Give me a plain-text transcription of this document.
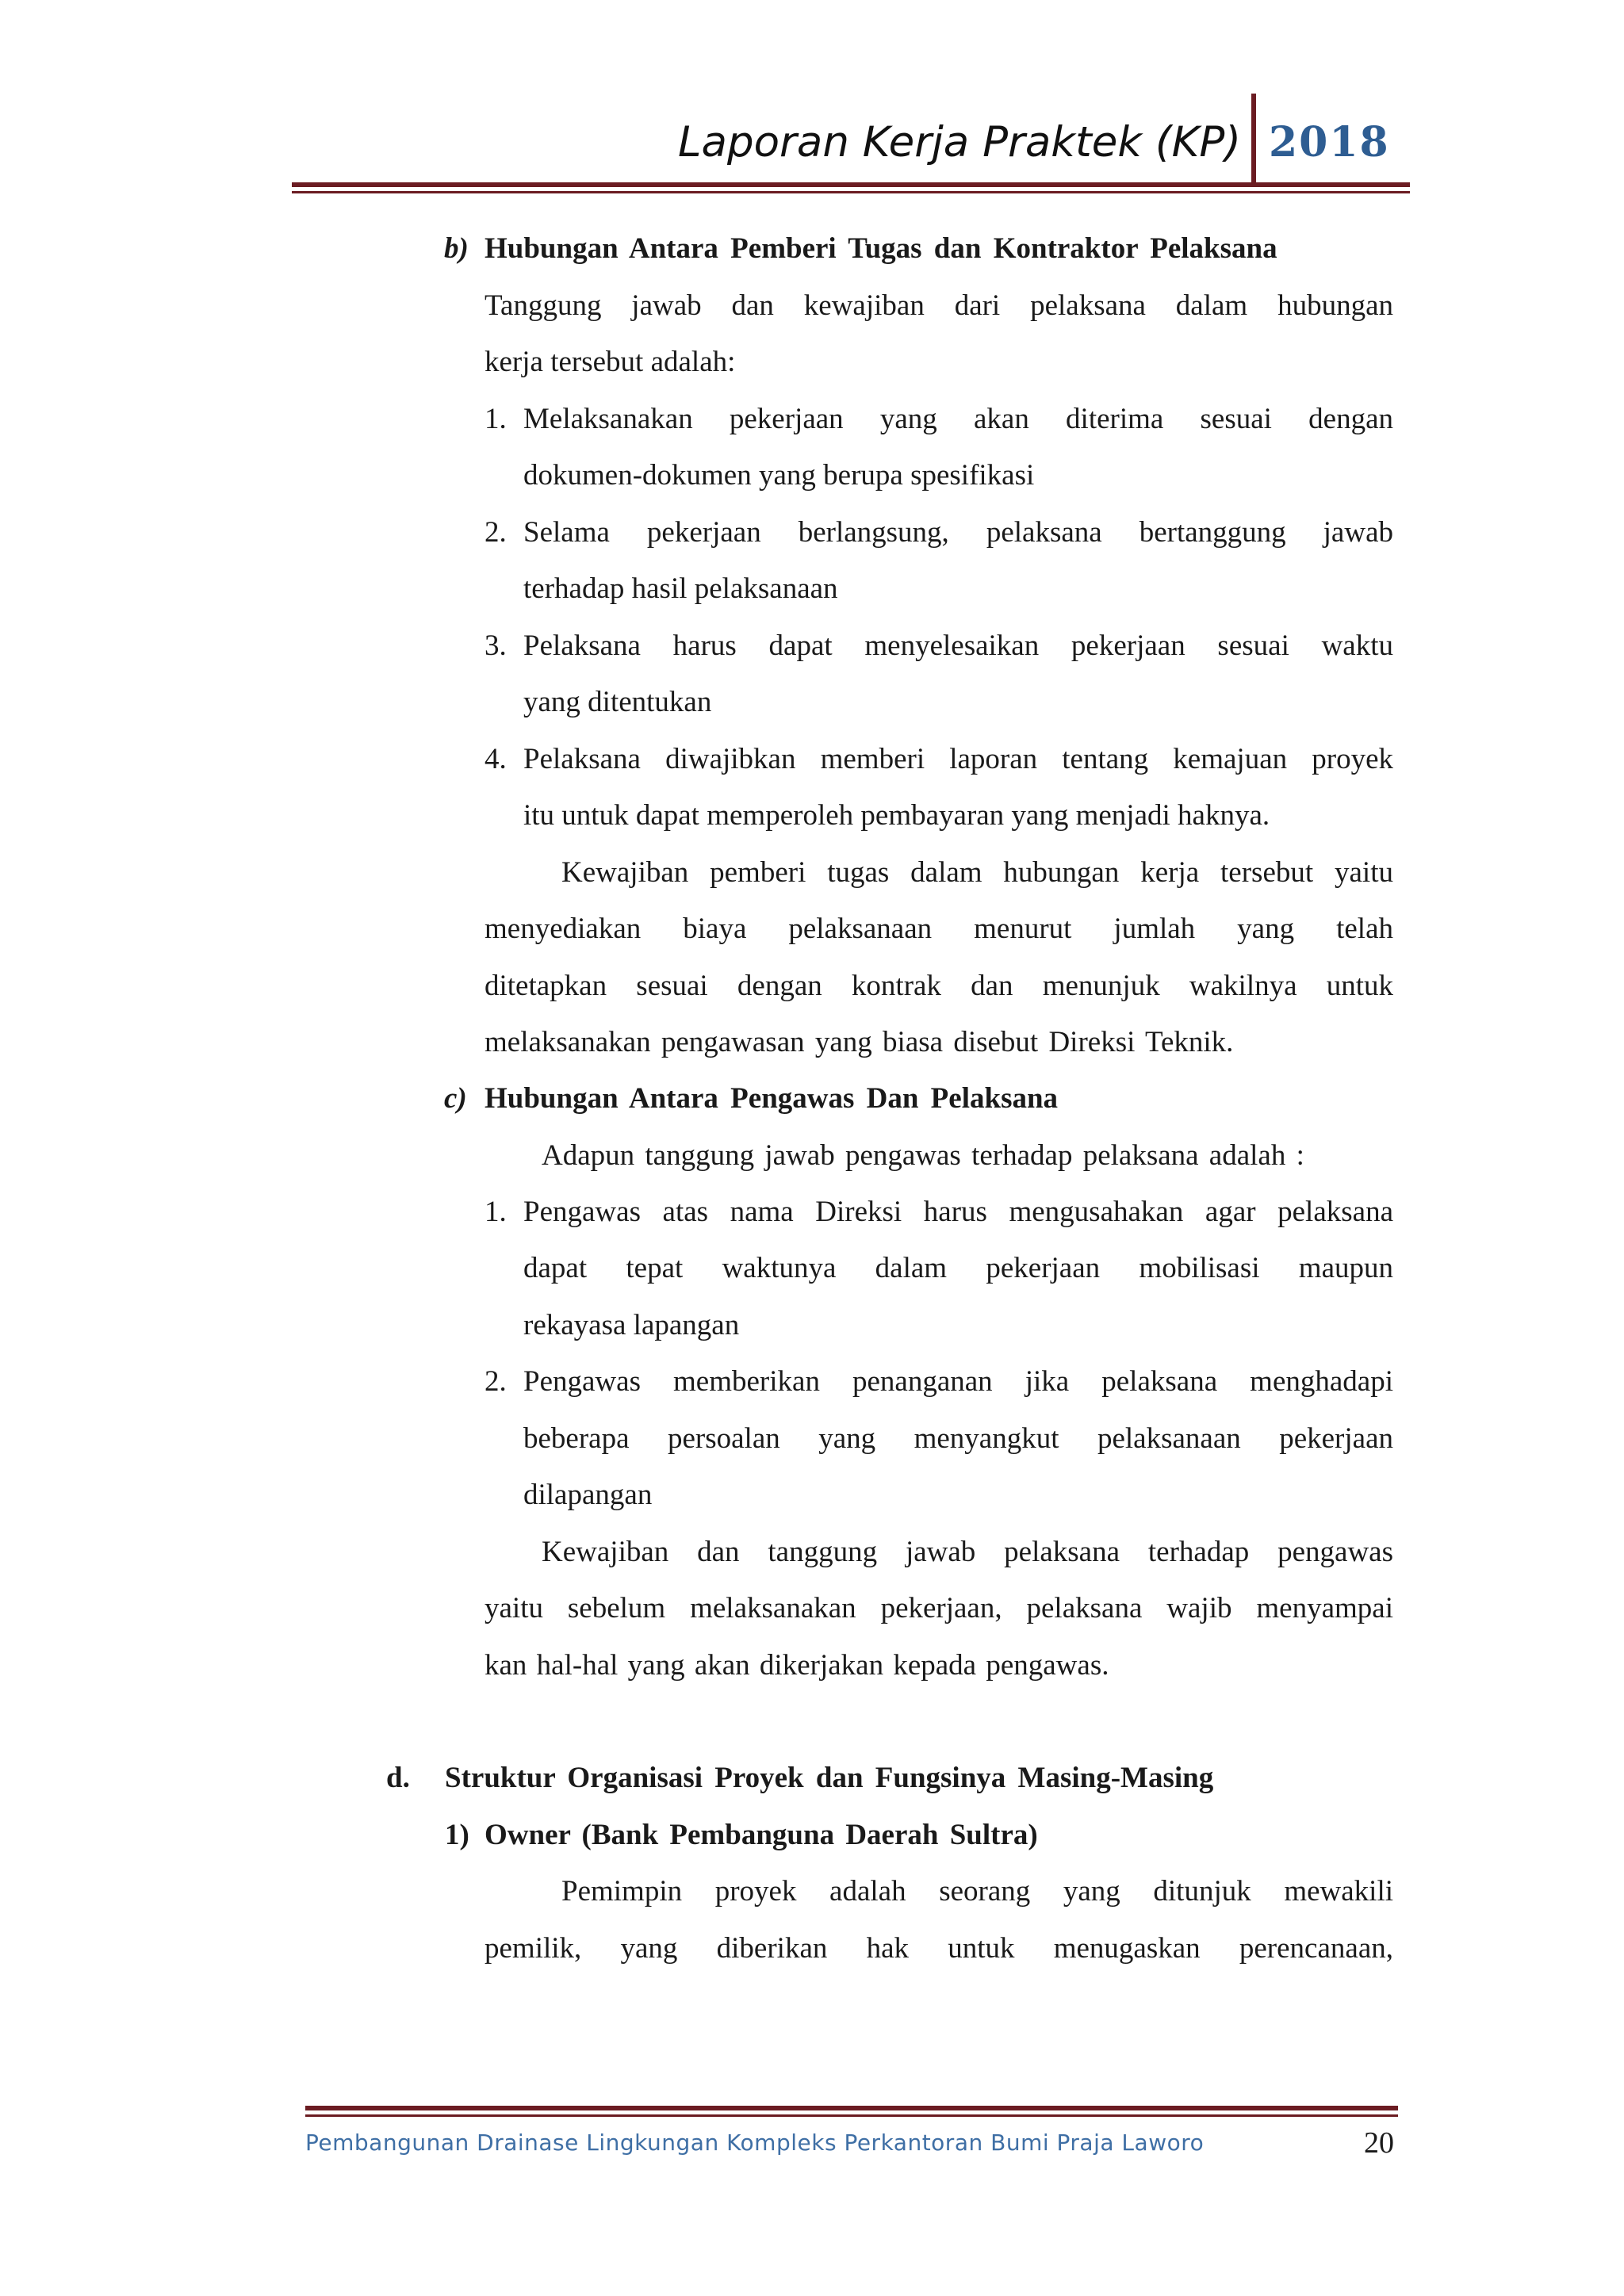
Laporan Kerja Praktek (KP) 2018
b) Hubungan Antara Pemberi Tugas dan Kontraktor Pelaksana
Tanggung jawab dan kewajiban dari pelaksana dalam hubungan
kerja tersebut adalah:
1. Melaksanakan pekerjaan yang akan diterima sesuai dengan
dokumen-dokumen yang berupa spesifikasi
2. Selama pekerjaan berlangsung, pelaksana bertanggung jawab
terhadap hasil pelaksanaan
3. Pelaksana harus dapat menyelesaikan pekerjaan sesuai waktu
yang ditentukan
4. Pelaksana diwajibkan memberi laporan tentang kemajuan proyek
itu untuk dapat memperoleh pembayaran yang menjadi haknya.
Kewajiban pemberi tugas dalam hubungan kerja tersebut yaitu
menyediakan biaya pelaksanaan menurut jumlah yang telah
ditetapkan sesuai dengan kontrak dan menunjuk wakilnya untuk
melaksanakan pengawasan yang biasa disebut Direksi Teknik.
c) Hubungan Antara Pengawas Dan Pelaksana
Adapun tanggung jawab pengawas terhadap pelaksana adalah :
1. Pengawas atas nama Direksi harus mengusahakan agar pelaksana
dapat tepat waktunya dalam pekerjaan mobilisasi maupun
rekayasa lapangan
2. Pengawas memberikan penanganan jika pelaksana menghadapi
beberapa persoalan yang menyangkut pelaksanaan pekerjaan
dilapangan
Kewajiban dan tanggung jawab pelaksana terhadap pengawas
yaitu sebelum melaksanakan pekerjaan, pelaksana wajib menyampai
kan hal-hal yang akan dikerjakan kepada pengawas.
d. Struktur Organisasi Proyek dan Fungsinya Masing-Masing
1) Owner (Bank Pembanguna Daerah Sultra)
Pemimpin proyek adalah seorang yang ditunjuk mewakili
pemilik, yang diberikan hak untuk menugaskan perencanaan,
Pembangunan Drainase Lingkungan Kompleks Perkantoran Bumi Praja Laworo	20
